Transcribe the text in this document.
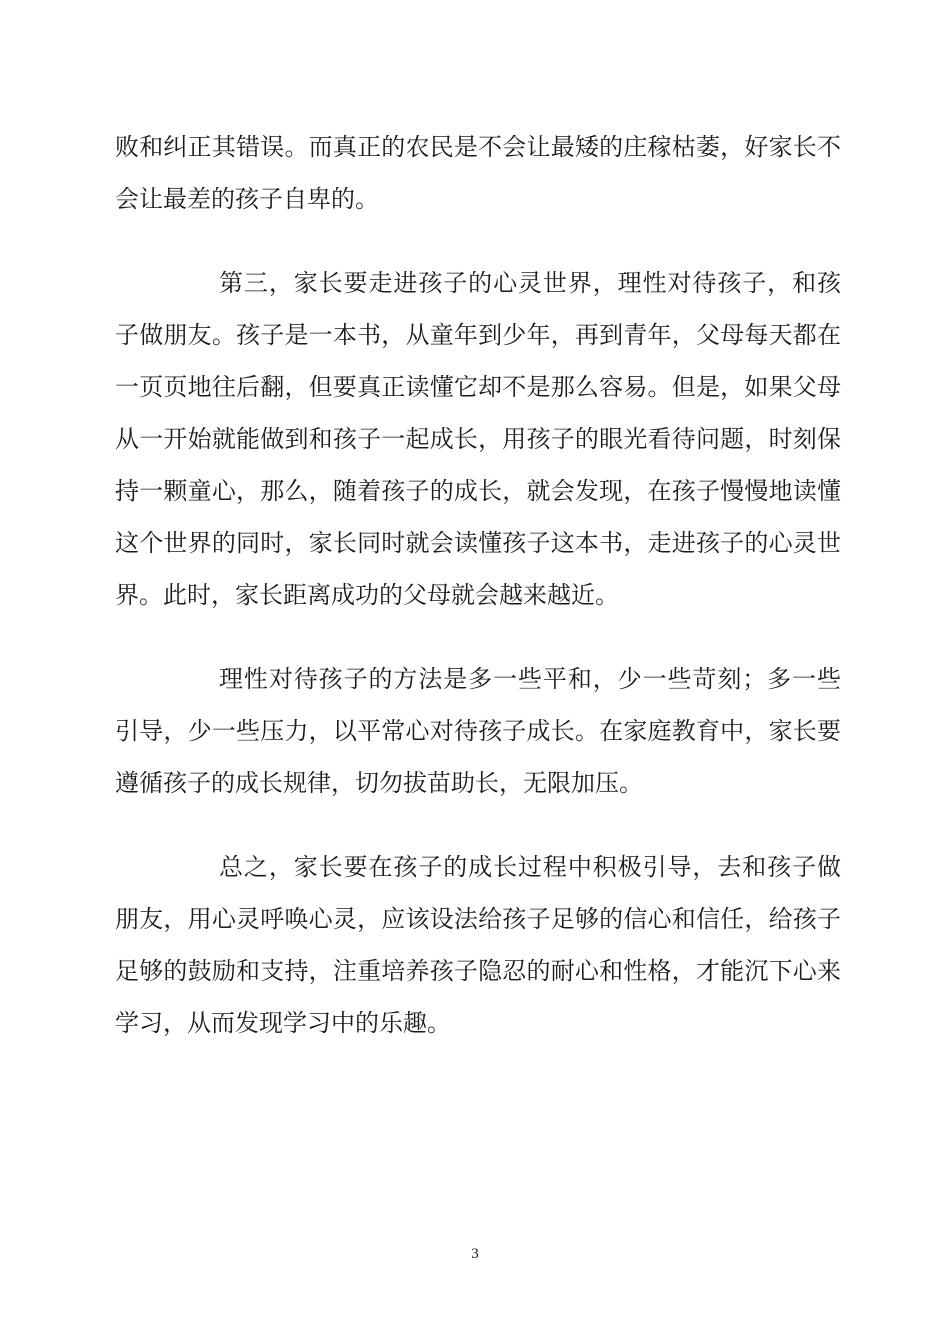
败和纠正其错误。而真正的农民是不会让最矮的庄稼枯萎，好家长不会让最差的孩子自卑的。

第三，家长要走进孩子的心灵世界，理性对待孩子，和孩子做朋友。孩子是一本书，从童年到少年，再到青年，父母每天都在一页页地往后翻，但要真正读懂它却不是那么容易。但是，如果父母从一开始就能做到和孩子一起成长，用孩子的眼光看待问题，时刻保持一颗童心，那么，随着孩子的成长，就会发现，在孩子慢慢地读懂这个世界的同时，家长同时就会读懂孩子这本书，走进孩子的心灵世界。此时，家长距离成功的父母就会越来越近。

理性对待孩子的方法是多一些平和，少一些苛刻；多一些引导，少一些压力，以平常心对待孩子成长。在家庭教育中，家长要遵循孩子的成长规律，切勿拔苗助长，无限加压。

总之，家长要在孩子的成长过程中积极引导，去和孩子做朋友，用心灵呼唤心灵，应该设法给孩子足够的信心和信任，给孩子足够的鼓励和支持，注重培养孩子隐忍的耐心和性格，才能沉下心来学习，从而发现学习中的乐趣。

3
